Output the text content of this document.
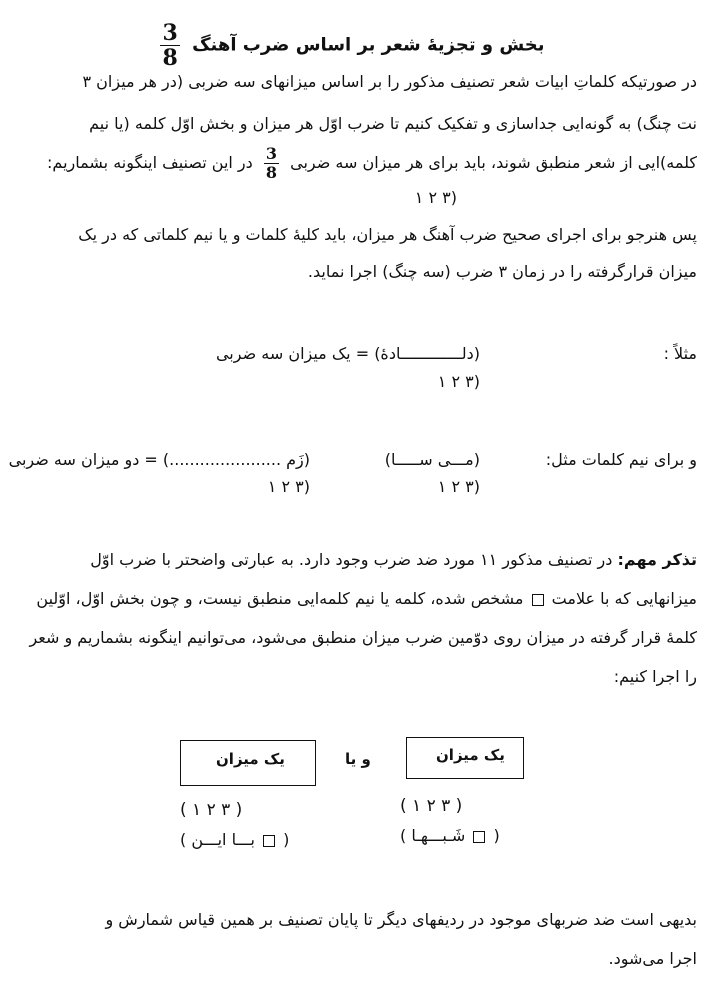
بخش و تجزیهٔ شعر بر اساس ضرب آهنگ
$\frac{3}{8}$
در صورتیکه کلماتِ ابیات شعر تصنیف مذکور را بر اساس میزانهای سه ضربی (در هر میزان ۳
نت چنگ) به گونه‌ایی جداسازی و تفکیک کنیم تا ضرب اوّل هر میزان و بخش اوّل کلمه (یا نیم
کلمه)ایی از شعر منطبق شوند، باید برای هر میزان سه ضربی
$\frac{3}{8}$
در این تصنیف اینگونه بشماریم:
(۳ ۲ ۱
پس هنرجو برای اجرای صحیح ضرب آهنگ هر میزان، باید کلیهٔ کلمات و یا نیم کلماتی که در یک
میزان قرارگرفته را در زمان ۳ ضرب (سه چنگ) اجرا نماید.
مثلاً :
(دلـــــــــــــادهٔ) = یک میزان سه ضربی
(۳ ۲ ۱
و برای نیم کلمات مثل:
(مـــی ســـــا)
(زَم ......................) = دو میزان سه ضربی
(۳ ۲ ۱
(۳ ۲ ۱
تذکر مهم: در تصنیف مذکور ۱۱ مورد ضد ضرب وجود دارد. به عبارتی واضحتر با ضرب اوّل
میزانهایی که با علامت  مشخص شده، کلمه یا نیم کلمه‌ایی منطبق نیست، و چون بخش اوّل، اوّلین
کلمهٔ قرار گرفته در میزان روی دوّمین ضرب میزان منطبق می‌شود، می‌توانیم اینگونه بشماریم و شعر
را اجرا کنیم:
یک میزان
یک میزان	و یا
( ۳ ۲ ۱ )
( ۳ ۲ ۱ )
(  شَـبـــهـا )
(  بـــا ایـــن )
بدیهی است ضد ضربهای موجود در ردیفهای دیگر تا پایان تصنیف بر همین قیاس شمارش و
اجرا می‌شود.
